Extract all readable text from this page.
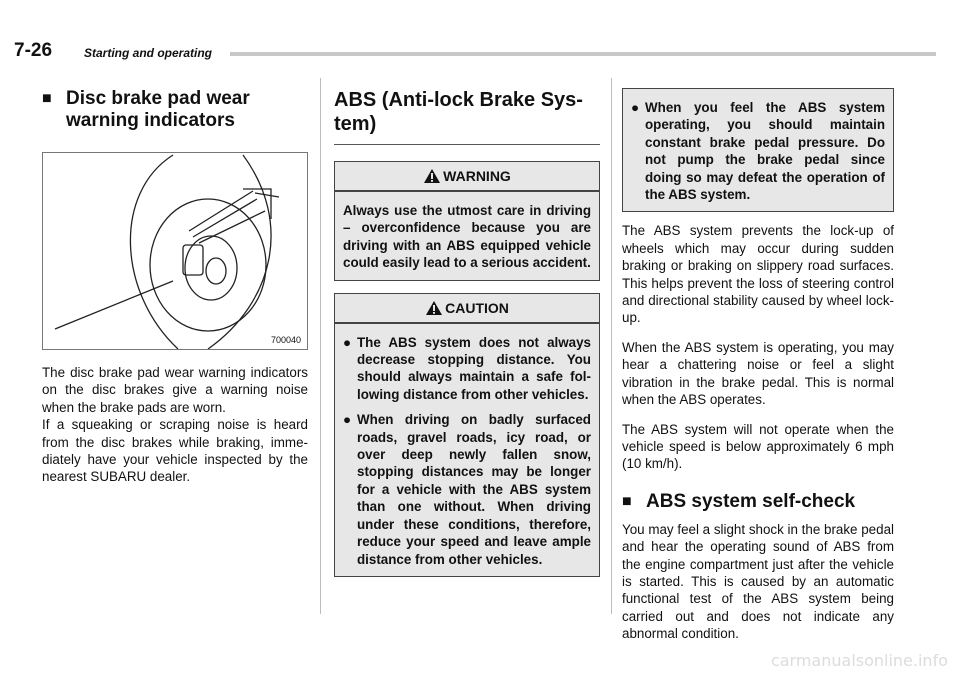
7-26	Starting and operating
■ Disc brake pad wear warning indicators
700040

The disc brake pad wear warning indicators on the disc brakes give a warning noise when the brake pads are worn.

If a squeaking or scraping noise is heard from the disc brakes while braking, immediately have your vehicle inspected by the nearest SUBARU dealer.

ABS (Anti-lock Brake System)
WARNING
Always use the utmost care in driving – overconfidence because you are driving with an ABS equipped vehicle could easily lead to a serious accident.
CAUTION
● The ABS system does not always decrease stopping distance. You should always maintain a safe following distance from other vehicles.
● When driving on badly surfaced roads, gravel roads, icy road, or over deep newly fallen snow, stopping distances may be longer for a vehicle with the ABS system than one without. When driving under these conditions, therefore, reduce your speed and leave ample distance from other vehicles.
● When you feel the ABS system operating, you should maintain constant brake pedal pressure. Do not pump the brake pedal since doing so may defeat the operation of the ABS system.

The ABS system prevents the lock-up of wheels which may occur during sudden braking or braking on slippery road surfaces. This helps prevent the loss of steering control and directional stability caused by wheel lock-up.

When the ABS system is operating, you may hear a chattering noise or feel a slight vibration in the brake pedal. This is normal when the ABS operates.

The ABS system will not operate when the vehicle speed is below approximately 6 mph (10 km/h).

■ ABS system self-check

You may feel a slight shock in the brake pedal and hear the operating sound of ABS from the engine compartment just after the vehicle is started. This is caused by an automatic functional test of the ABS system being carried out and does not indicate any abnormal condition.

carmanualsonline.info
